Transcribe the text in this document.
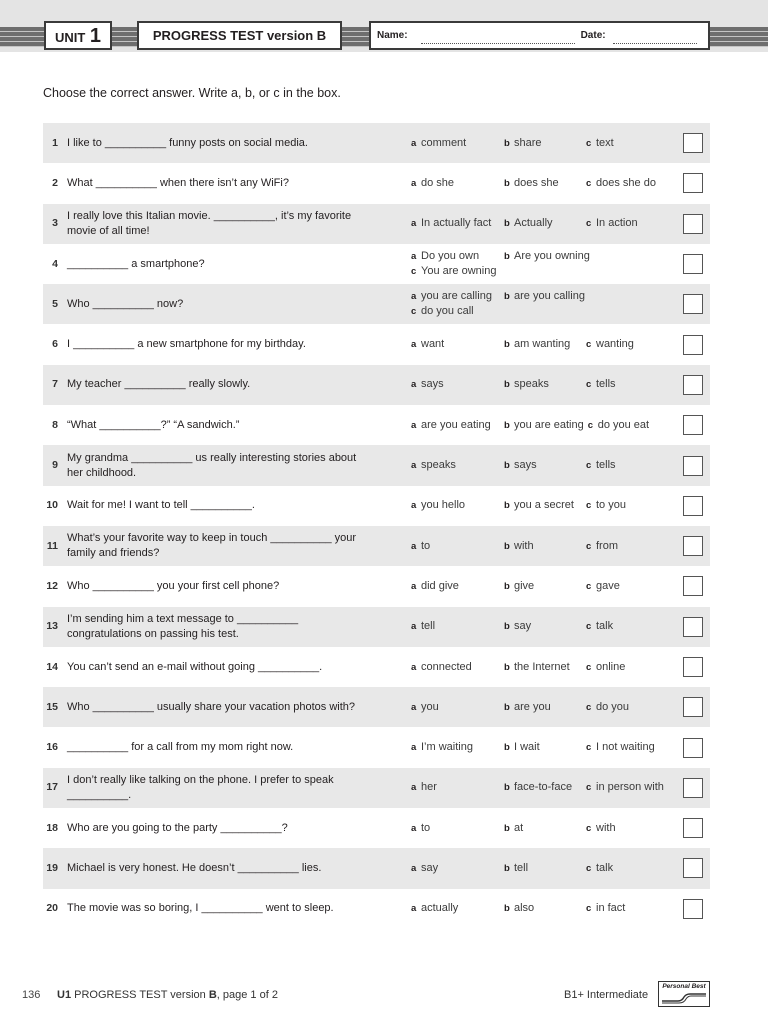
UNIT 1	PROGRESS TEST version B	Name:	Date:
Choose the correct answer. Write a, b, or c in the box.
1 I like to __________ funny posts on social media.	a comment	b share	c text
2 What __________ when there isn’t any WiFi?	a do she	b does she	c does she do
3
I really love this Italian movie. __________, it’s my favorite
movie of all time!
a In actually fact	b Actually	c In action
4 __________ a smartphone?
a Do you own	b Are you owning
c You are owning
5 Who __________ now?
a you are calling	b are you calling
c do you call
6 I __________ a new smartphone for my birthday.	a want	b am wanting	c wanting
7 My teacher __________ really slowly.	a says	b speaks	c tells
8 “What __________?” “A sandwich.”	a are you eating	b you are eating c do you eat
9
My grandma __________ us really interesting stories about
her childhood.
a speaks	b says	c tells
10 Wait for me! I want to tell __________.	a you hello	b you a secret	c to you
11
What’s your favorite way to keep in touch __________ your
family and friends?
a to	b with	c from
12 Who __________ you your first cell phone?	a did give	b give	c gave
13
I’m sending him a text message to __________
congratulations on passing his test.
a tell	b say	c talk
14 You can’t send an e-mail without going __________.	a connected	b the Internet	c online
15 Who __________ usually share your vacation photos with?	a you	b are you	c do you
16 __________ for a call from my mom right now.	a I’m waiting	b I wait	c I not waiting
17
I don’t really like talking on the phone. I prefer to speak
__________.
a her	b face-to-face	c in person with
18 Who are you going to the party __________?	a to	b at	c with
19 Michael is very honest. He doesn’t __________ lies.	a say	b tell	c talk
20 The movie was so boring, I __________ went to sleep.	a actually	b also	c in fact
136 U1 PROGRESS TEST version B, page 1 of 2	B1+ Intermediate
Personal Best
